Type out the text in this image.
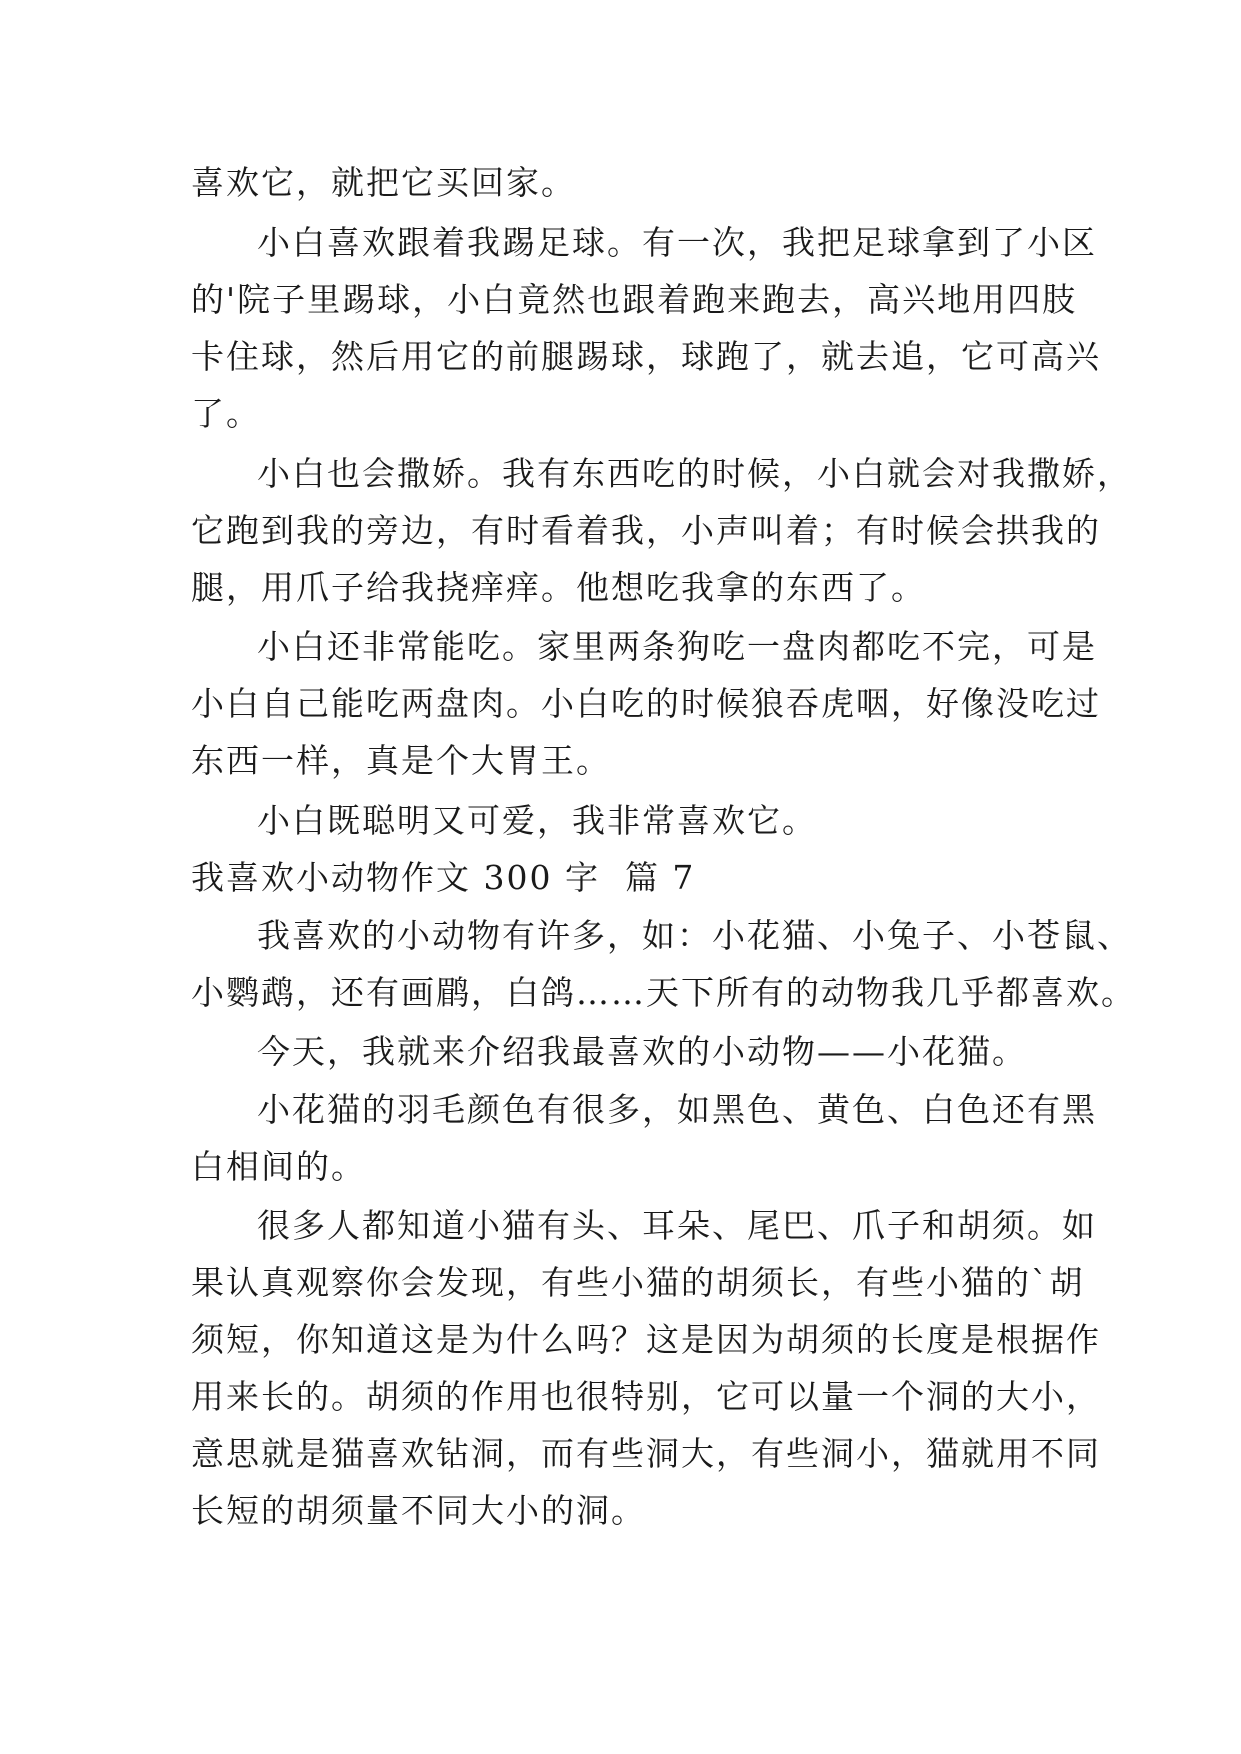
喜欢它，就把它买回家。
小白喜欢跟着我踢足球。有一次，我把足球拿到了小区
的'院子里踢球，小白竟然也跟着跑来跑去，高兴地用四肢
卡住球，然后用它的前腿踢球，球跑了，就去追，它可高兴
了。
小白也会撒娇。我有东西吃的时候，小白就会对我撒娇，
它跑到我的旁边，有时看着我，小声叫着；有时候会拱我的
腿，用爪子给我挠痒痒。他想吃我拿的东西了。
小白还非常能吃。家里两条狗吃一盘肉都吃不完，可是
小白自己能吃两盘肉。小白吃的时候狼吞虎咽，好像没吃过
东西一样，真是个大胃王。
小白既聪明又可爱，我非常喜欢它。
我喜欢小动物作文 300 字  篇 7
我喜欢的小动物有许多，如：小花猫、小兔子、小苍鼠、
小鹦鹉，还有画鹛，白鸽……天下所有的动物我几乎都喜欢。
今天，我就来介绍我最喜欢的小动物——小花猫。
小花猫的羽毛颜色有很多，如黑色、黄色、白色还有黑
白相间的。
很多人都知道小猫有头、耳朵、尾巴、爪子和胡须。如
果认真观察你会发现，有些小猫的胡须长，有些小猫的`胡
须短，你知道这是为什么吗？这是因为胡须的长度是根据作
用来长的。胡须的作用也很特别，它可以量一个洞的大小，
意思就是猫喜欢钻洞，而有些洞大，有些洞小，猫就用不同
长短的胡须量不同大小的洞。
